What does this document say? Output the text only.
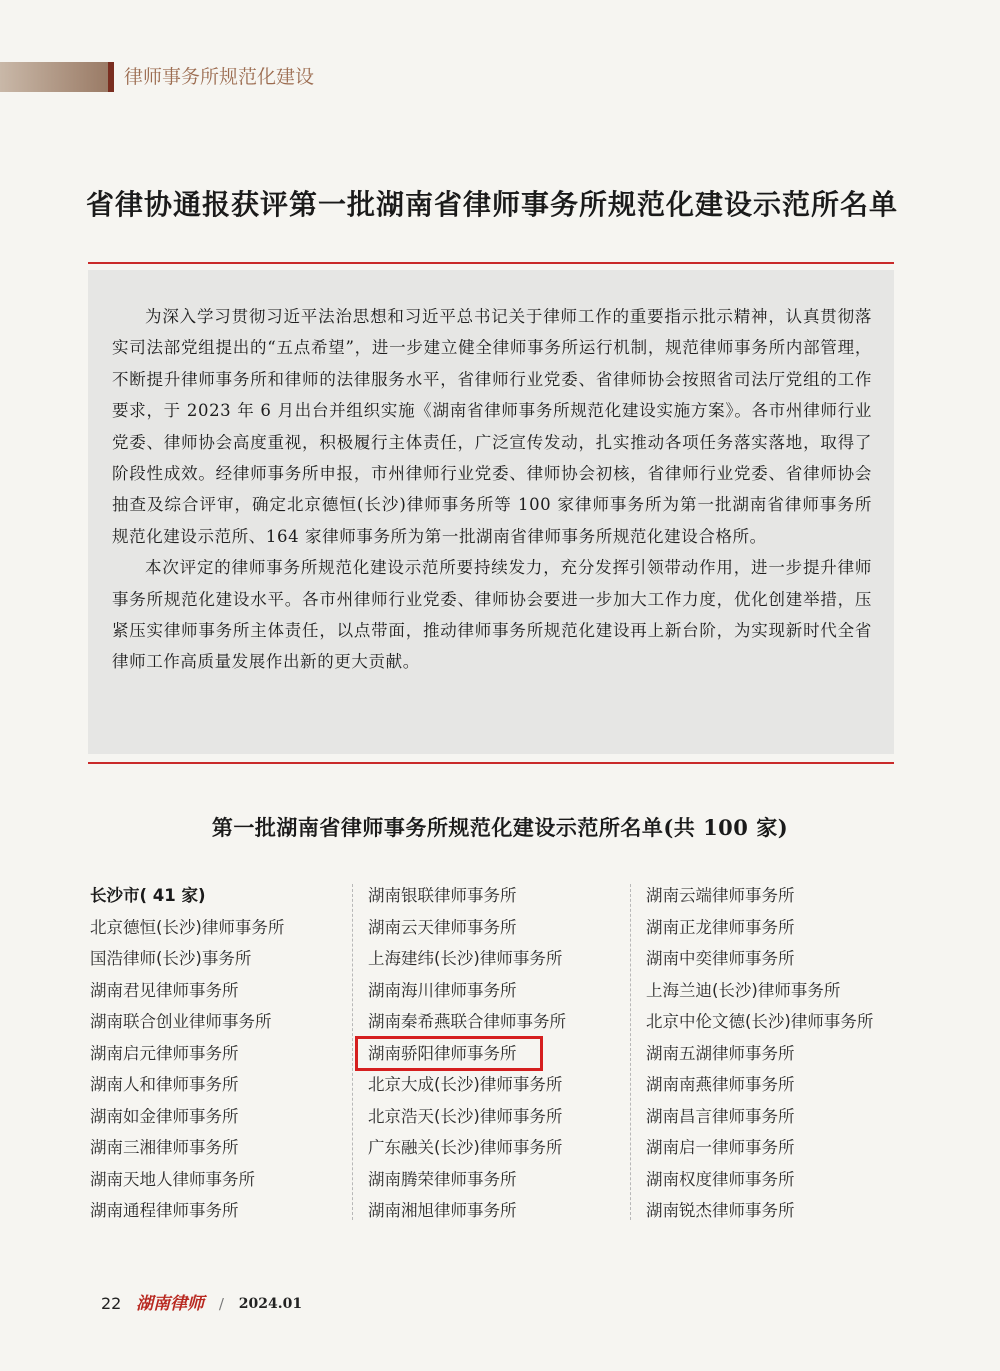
律师事务所规范化建设
省律协通报获评第一批湖南省律师事务所规范化建设示范所名单

为深入学习贯彻习近平法治思想和习近平总书记关于律师工作的重要指示批示精神，认真贯彻落实司法部党组提出的“五点希望”，进一步建立健全律师事务所运行机制，规范律师事务所内部管理，不断提升律师事务所和律师的法律服务水平，省律师行业党委、省律师协会按照省司法厅党组的工作要求，于 2023 年 6 月出台并组织实施《湖南省律师事务所规范化建设实施方案》。各市州律师行业党委、律师协会高度重视，积极履行主体责任，广泛宣传发动，扎实推动各项任务落实落地，取得了阶段性成效。经律师事务所申报，市州律师行业党委、律师协会初核，省律师行业党委、省律师协会抽查及综合评审，确定北京德恒(长沙)律师事务所等 100 家律师事务所为第一批湖南省律师事务所规范化建设示范所、164 家律师事务所为第一批湖南省律师事务所规范化建设合格所。

本次评定的律师事务所规范化建设示范所要持续发力，充分发挥引领带动作用，进一步提升律师事务所规范化建设水平。各市州律师行业党委、律师协会要进一步加大工作力度，优化创建举措，压紧压实律师事务所主体责任，以点带面，推动律师事务所规范化建设再上新台阶，为实现新时代全省律师工作高质量发展作出新的更大贡献。

第一批湖南省律师事务所规范化建设示范所名单(共 100 家)
长沙市( 41 家)
北京德恒(长沙)律师事务所
国浩律师(长沙)事务所
湖南君见律师事务所
湖南联合创业律师事务所
湖南启元律师事务所
湖南人和律师事务所
湖南如金律师事务所
湖南三湘律师事务所
湖南天地人律师事务所
湖南通程律师事务所
湖南银联律师事务所
湖南云天律师事务所
上海建纬(长沙)律师事务所
湖南海川律师事务所
湖南秦希燕联合律师事务所
湖南骄阳律师事务所
北京大成(长沙)律师事务所
北京浩天(长沙)律师事务所
广东融关(长沙)律师事务所
湖南腾荣律师事务所
湖南湘旭律师事务所
湖南云端律师事务所
湖南正龙律师事务所
湖南中奕律师事务所
上海兰迪(长沙)律师事务所
北京中伦文德(长沙)律师事务所
湖南五湖律师事务所
湖南南燕律师事务所
湖南昌言律师事务所
湖南启一律师事务所
湖南权度律师事务所
湖南锐杰律师事务所
22 湖南律师 / 2024.01
